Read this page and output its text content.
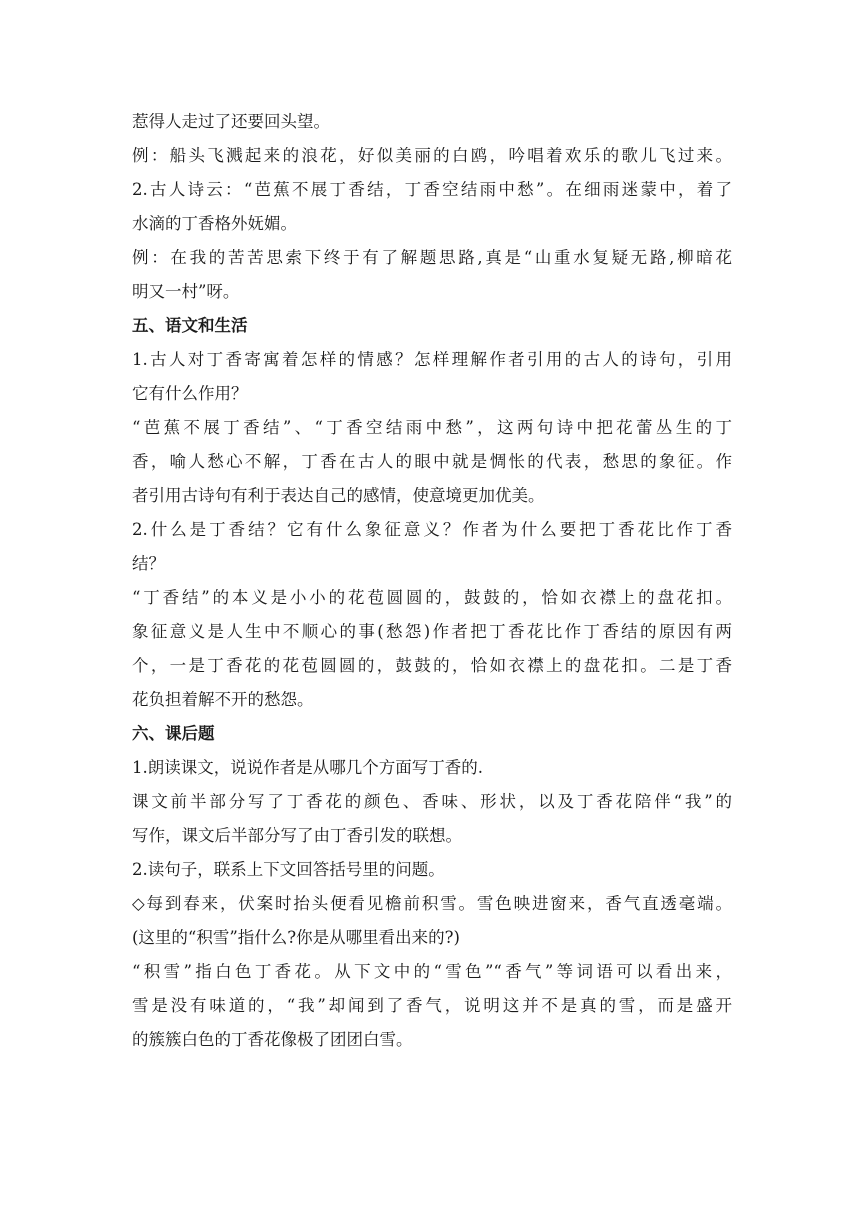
惹得人走过了还要回头望。

例：船头飞溅起来的浪花，好似美丽的白鸥，吟唱着欢乐的歌儿飞过来。

2.古人诗云：“芭蕉不展丁香结，丁香空结雨中愁”。在细雨迷蒙中，着了

水滴的丁香格外妩媚。

例：在我的苦苦思索下终于有了解题思路,真是“山重水复疑无路,柳暗花

明又一村”呀。

五、语文和生活

1.古人对丁香寄寓着怎样的情感？怎样理解作者引用的古人的诗句，引用

它有什么作用？

“芭蕉不展丁香结”、“丁香空结雨中愁”，这两句诗中把花蕾丛生的丁

香，喻人愁心不解，丁香在古人的眼中就是惆怅的代表，愁思的象征。作

者引用古诗句有利于表达自己的感情，使意境更加优美。

2.什么是丁香结？它有什么象征意义？作者为什么要把丁香花比作丁香

结？

“丁香结”的本义是小小的花苞圆圆的，鼓鼓的，恰如衣襟上的盘花扣。

象征意义是人生中不顺心的事(愁怨)作者把丁香花比作丁香结的原因有两

个，一是丁香花的花苞圆圆的，鼓鼓的，恰如衣襟上的盘花扣。二是丁香

花负担着解不开的愁怨。

六、课后题

1.朗读课文，说说作者是从哪几个方面写丁香的.

课文前半部分写了丁香花的颜色、香味、形状，以及丁香花陪伴“我”的

写作，课文后半部分写了由丁香引发的联想。

2.读句子，联系上下文回答括号里的问题。

◇每到春来，伏案时抬头便看见檐前积雪。雪色映进窗来，香气直透毫端。

(这里的“积雪”指什么?你是从哪里看出来的?)

“积雪”指白色丁香花。从下文中的“雪色”“香气”等词语可以看出来，

雪是没有味道的，“我”却闻到了香气，说明这并不是真的雪，而是盛开

的簇簇白色的丁香花像极了团团白雪。
